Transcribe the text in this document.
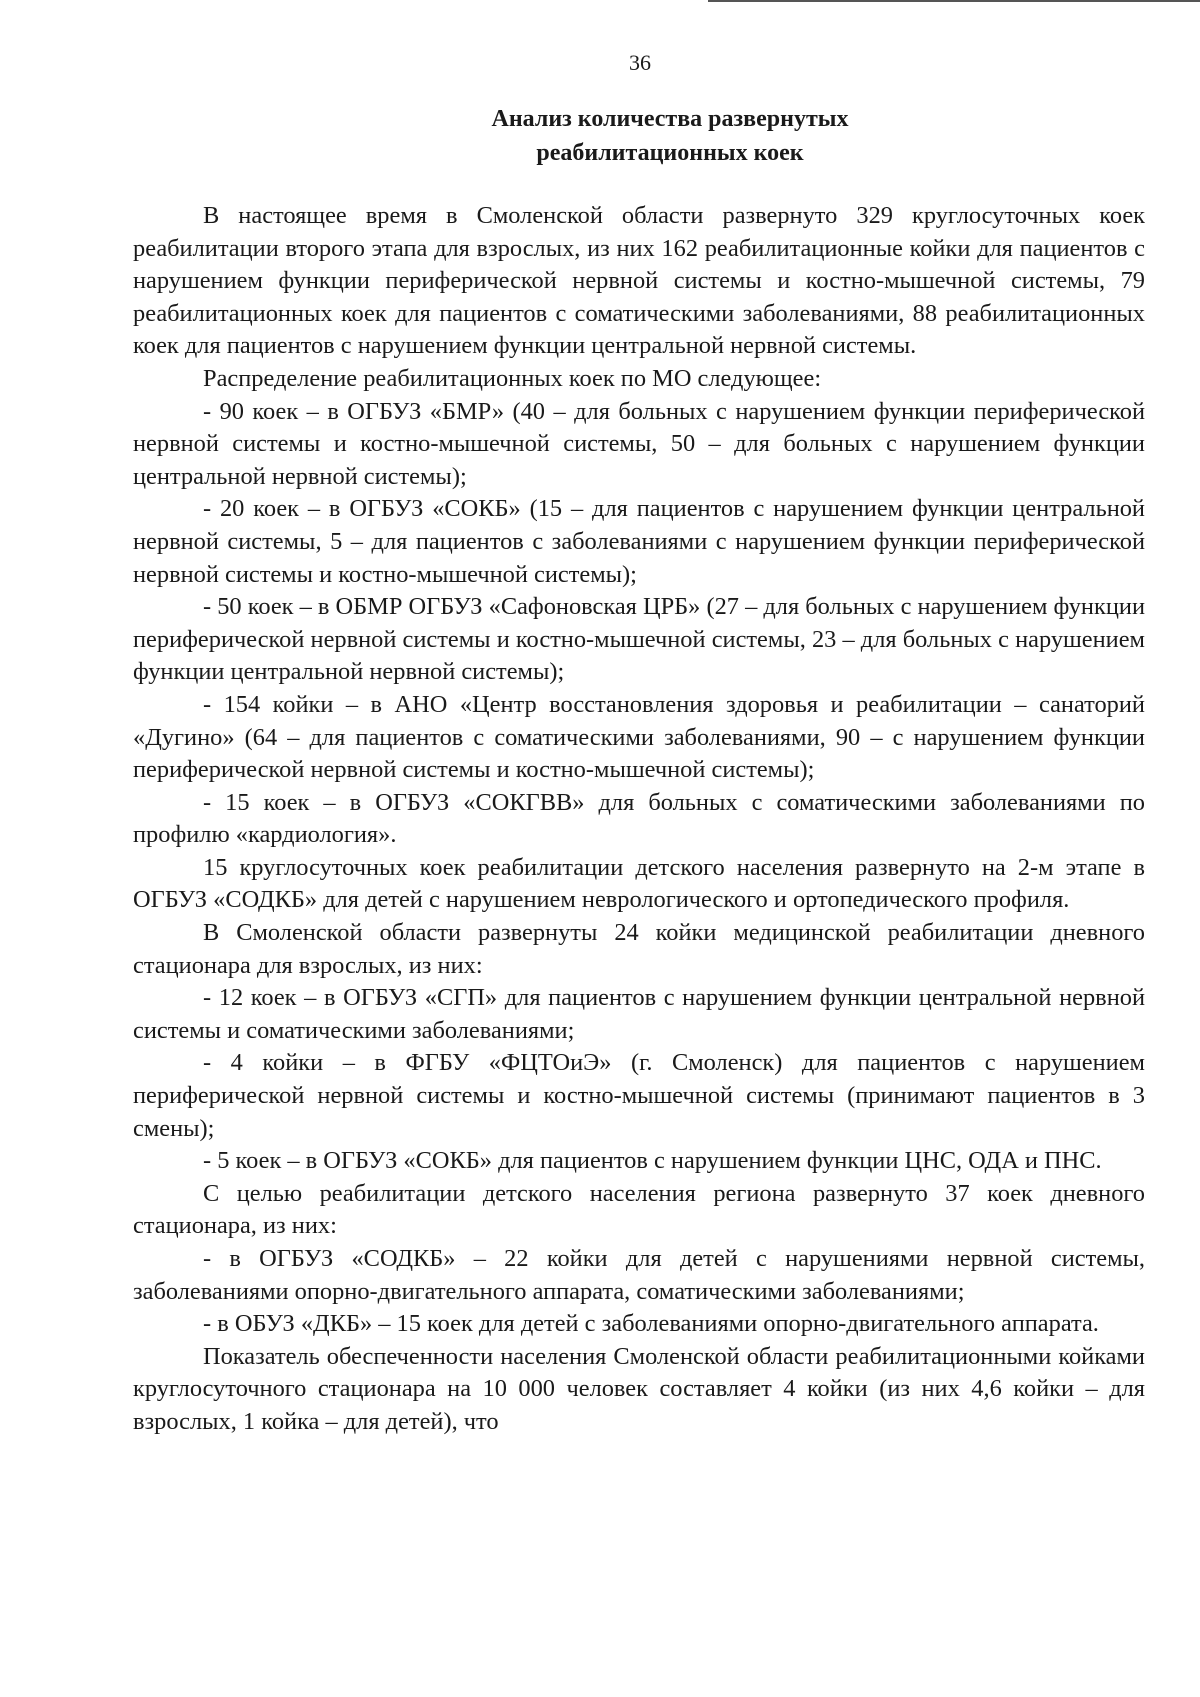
36
Анализ количества развернутых
реабилитационных коек

В настоящее время в Смоленской области развернуто 329 круглосуточных коек реабилитации второго этапа для взрослых, из них 162 реабилитационные койки для пациентов с нарушением функции периферической нервной системы и костно-мышечной системы, 79 реабилитационных коек для пациентов с соматическими заболеваниями, 88 реабилитационных коек для пациентов с нарушением функции центральной нервной системы.

Распределение реабилитационных коек по МО следующее:

- 90 коек – в ОГБУЗ «БМР» (40 – для больных с нарушением функции периферической нервной системы и костно-мышечной системы, 50 – для больных с нарушением функции центральной нервной системы);

- 20 коек – в ОГБУЗ «СОКБ» (15 – для пациентов с нарушением функции центральной нервной системы, 5 – для пациентов с заболеваниями с нарушением функции периферической нервной системы и костно-мышечной системы);

- 50 коек – в ОБМР ОГБУЗ «Сафоновская ЦРБ» (27 – для больных с нарушением функции периферической нервной системы и костно-мышечной системы, 23 – для больных с нарушением функции центральной нервной системы);

- 154 койки – в АНО «Центр восстановления здоровья и реабилитации – санаторий «Дугино» (64 – для пациентов с соматическими заболеваниями, 90 – с нарушением функции периферической нервной системы и костно-мышечной системы);

- 15 коек – в ОГБУЗ «СОКГВВ» для больных с соматическими заболеваниями по профилю «кардиология».

15 круглосуточных коек реабилитации детского населения развернуто на 2-м этапе в ОГБУЗ «СОДКБ» для детей с нарушением неврологического и ортопедического профиля.

В Смоленской области развернуты 24 койки медицинской реабилитации дневного стационара для взрослых, из них:

- 12 коек – в ОГБУЗ «СГП» для пациентов с нарушением функции центральной нервной системы и соматическими заболеваниями;

- 4 койки – в ФГБУ «ФЦТОиЭ» (г. Смоленск) для пациентов с нарушением периферической нервной системы и костно-мышечной системы (принимают пациентов в 3 смены);

- 5 коек – в ОГБУЗ «СОКБ» для пациентов с нарушением функции ЦНС, ОДА и ПНС.

С целью реабилитации детского населения региона развернуто 37 коек дневного стационара, из них:

- в ОГБУЗ «СОДКБ» – 22 койки для детей с нарушениями нервной системы, заболеваниями опорно-двигательного аппарата, соматическими заболеваниями;

- в ОБУЗ «ДКБ» – 15 коек для детей с заболеваниями опорно-двигательного аппарата.

Показатель обеспеченности населения Смоленской области реабилитационными койками круглосуточного стационара на 10 000 человек составляет 4 койки (из них 4,6 койки – для взрослых, 1 койка – для детей), что
